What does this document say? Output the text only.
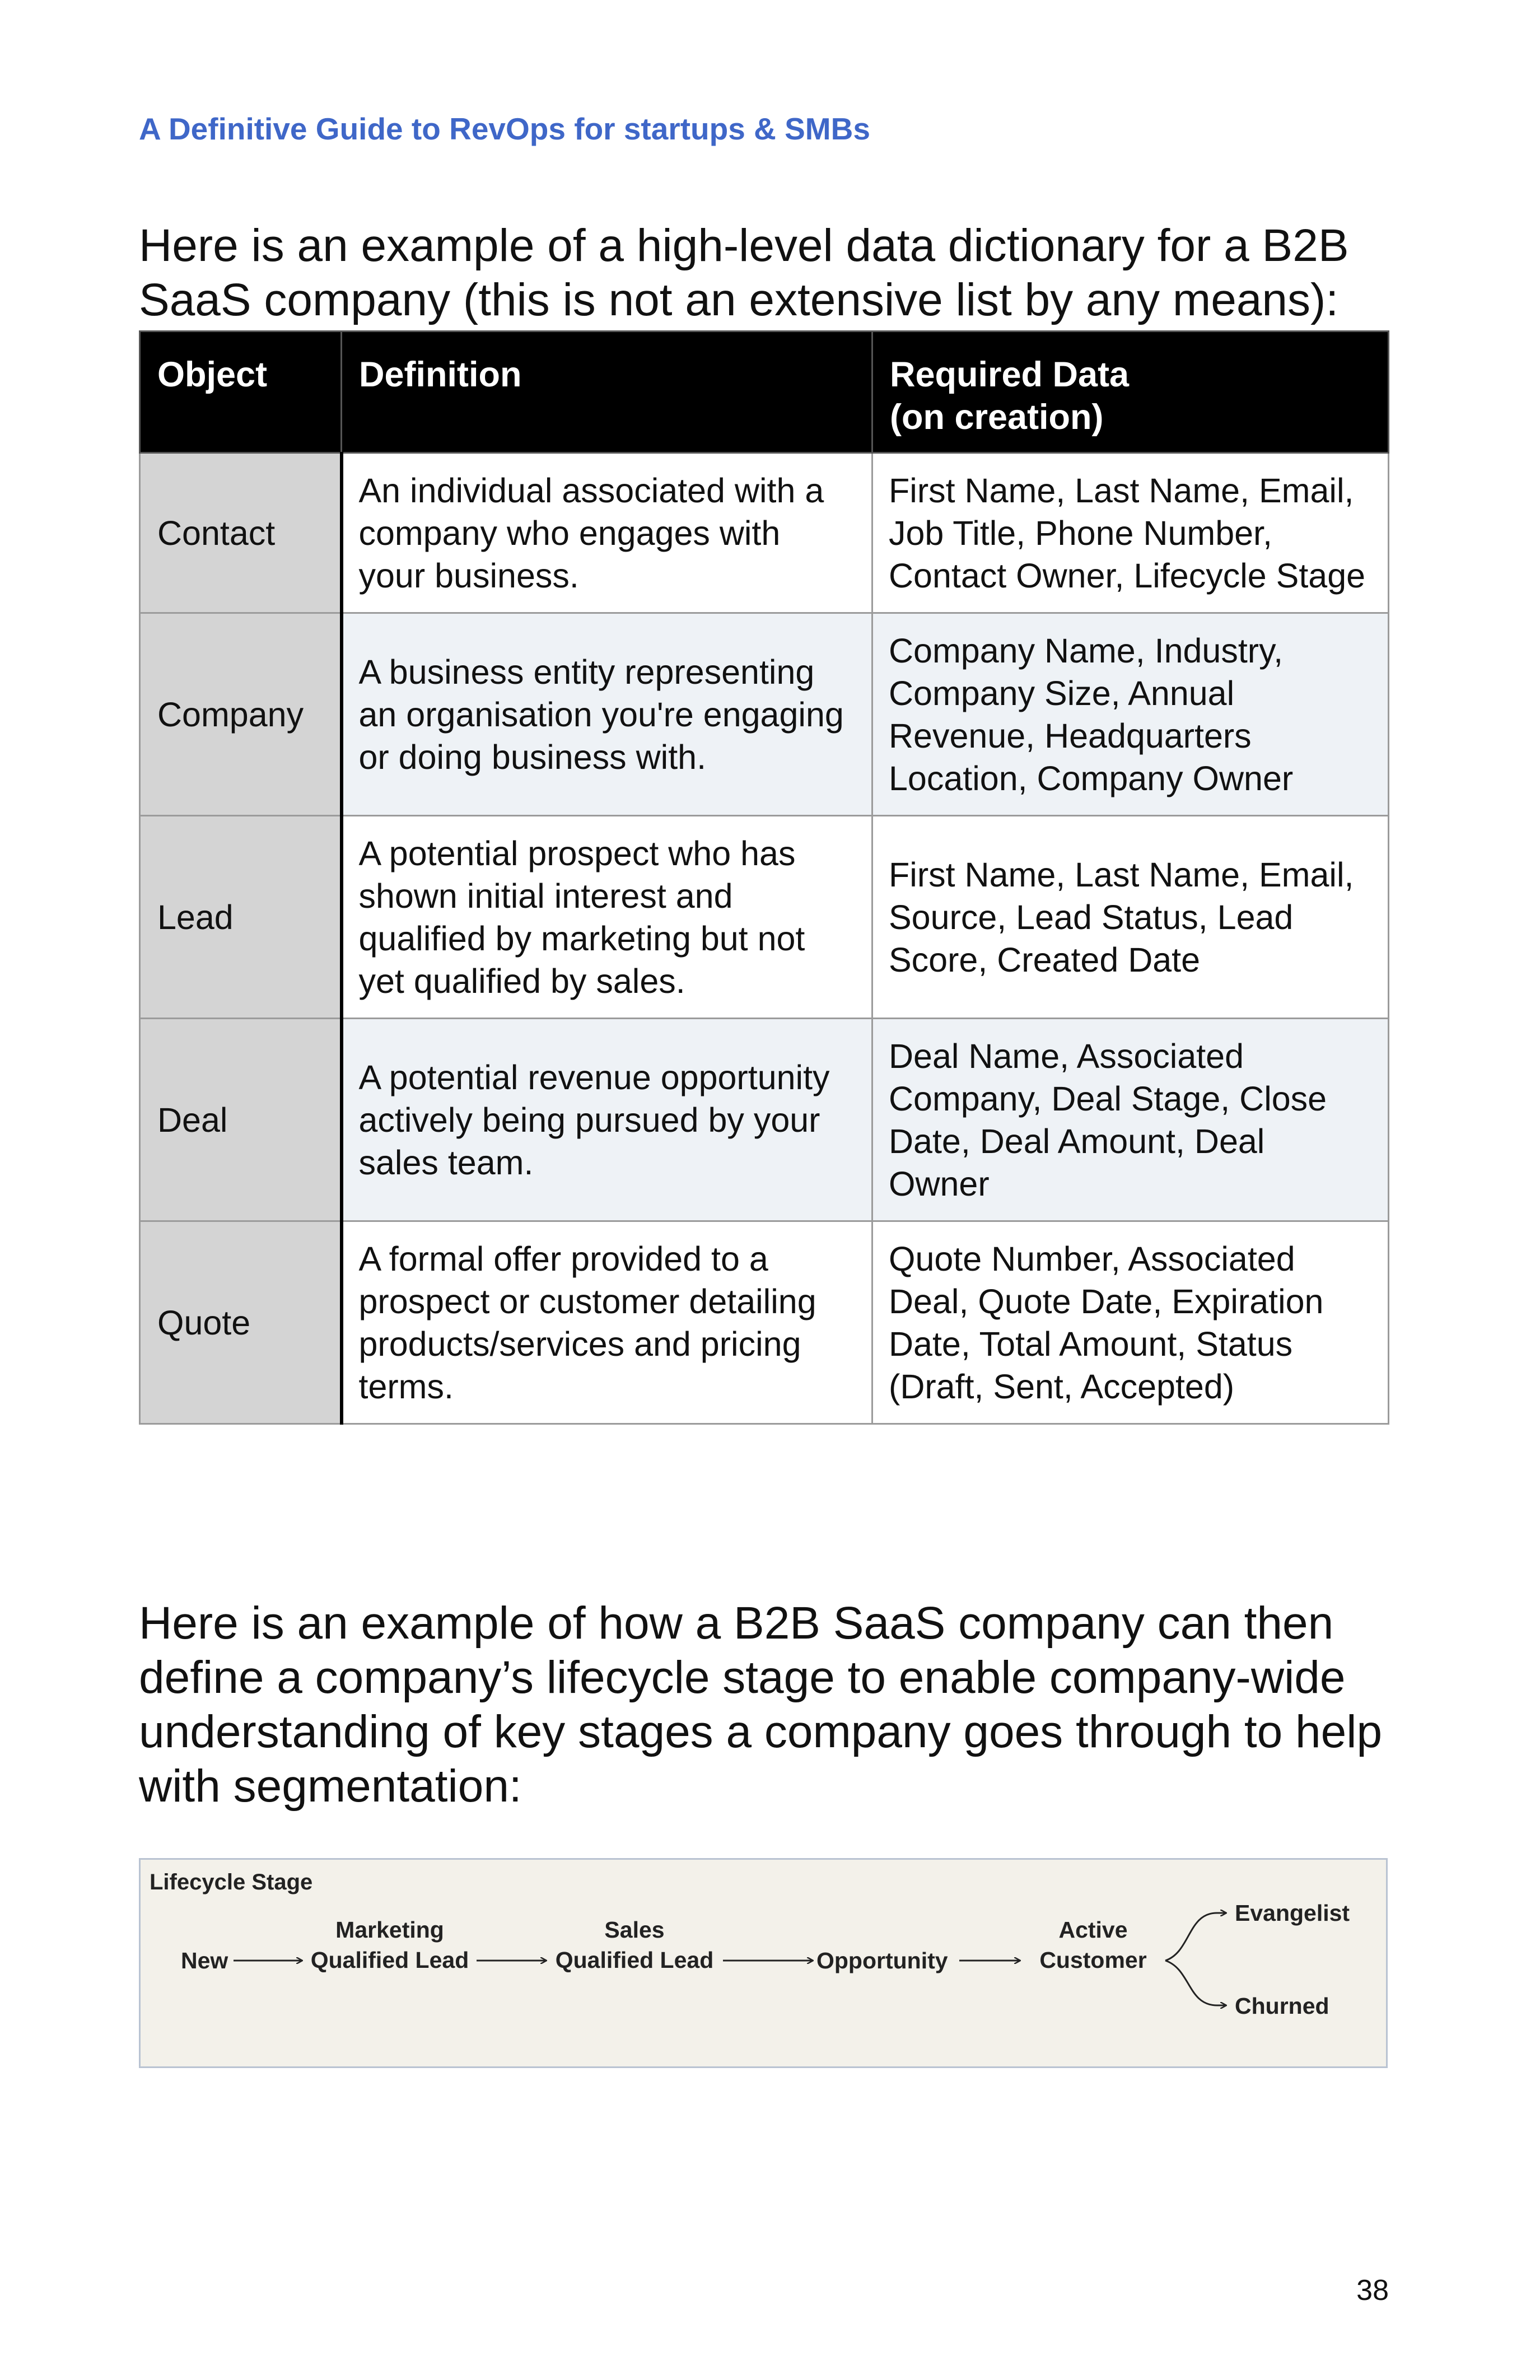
A Definitive Guide to RevOps for startups & SMBs

Here is an example of a high-level data dictionary for a B2B SaaS company (this is not an extensive list by any means):

Object	Definition	Required Data
(on creation)
Contact	An individual associated with a company who engages with your business.	First Name, Last Name, Email, Job Title, Phone Number, Contact Owner, Lifecycle Stage
Company	A business entity representing an organisation you're engaging or doing business with.	Company Name, Industry, Company Size, Annual Revenue, Headquarters Location, Company Owner
Lead	A potential prospect who has shown initial interest and qualified by marketing but not yet qualified by sales.	First Name, Last Name, Email, Source, Lead Status, Lead Score, Created Date
Deal	A potential revenue opportunity actively being pursued by your sales team.	Deal Name, Associated Company, Deal Stage, Close Date, Deal Amount, Deal Owner
Quote	A formal offer provided to a prospect or customer detailing products/services and pricing terms.	Quote Number, Associated Deal, Quote Date, Expiration Date, Total Amount, Status (Draft, Sent, Accepted)

Here is an example of how a B2B SaaS company can then define a company’s lifecycle stage to enable company-wide understanding of key stages a company goes through to help with segmentation:

Lifecycle Stage
New
Marketing
Qualified Lead
Sales
Qualified Lead	Opportunity
Active
Customer
Evangelist
Churned
38
